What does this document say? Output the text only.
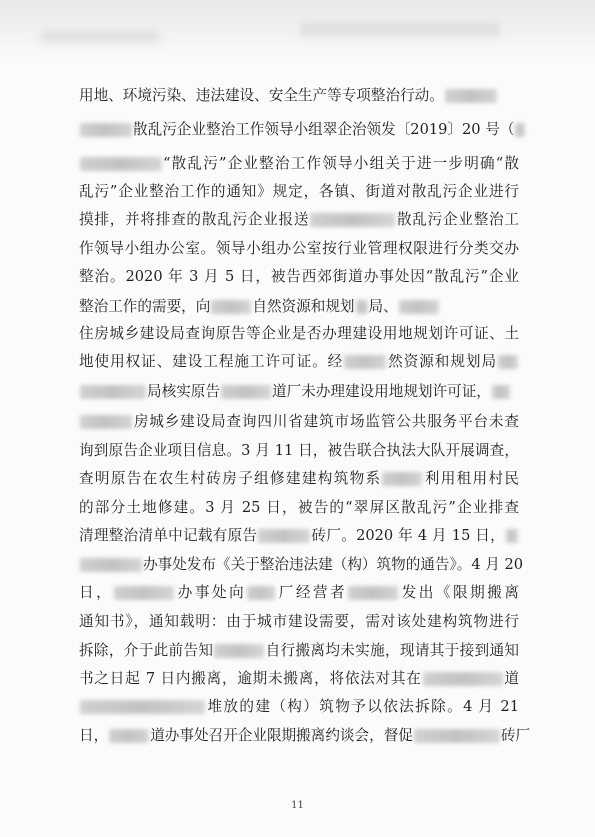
用地、环境污染、违法建设、安全生产等专项整治行动。
散乱污企业整治工作领导小组翠企治领发〔2019〕20 号（
“散乱污”企业整治工作领导小组关于进一步明确“散
乱污”企业整治工作的通知》规定，各镇、街道对散乱污企业进行
摸排，并将排查的散乱污企业报送	散乱污企业整治工
作领导小组办公室。领导小组办公室按行业管理权限进行分类交办
整治。2020 年 3 月 5 日，被告西郊街道办事处因“散乱污”企业
整治工作的需要，向	自然资源和规划 局、
住房城乡建设局查询原告等企业是否办理建设用地规划许可证、土
地使用权证、建设工程施工许可证。经	然资源和规划局
局核实原告	道厂未办理建设用地规划许可证，
房城乡建设局查询四川省建筑市场监管公共服务平台未查
询到原告企业项目信息。3 月 11 日，被告联合执法大队开展调查，
查明原告在农生村砖房子组修建建构筑物系	利用租用村民
的部分土地修建。3 月 25 日，被告的“翠屏区散乱污”企业排查
清理整治清单中记载有原告	砖厂。2020 年 4 月 15 日，
办事处发布《关于整治违法建（构）筑物的通告》。4 月 20
日，	办事处向 厂经营者	发出《限期搬离
通知书》，通知载明：由于城市建设需要，需对该处建构筑物进行
拆除，介于此前告知	自行搬离均未实施，现请其于接到通知
书之日起 7 日内搬离，逾期未搬离，将依法对其在	道
堆放的建（构）筑物予以依法拆除。4 月 21
日，	道办事处召开企业限期搬离约谈会，督促	砖厂
11
